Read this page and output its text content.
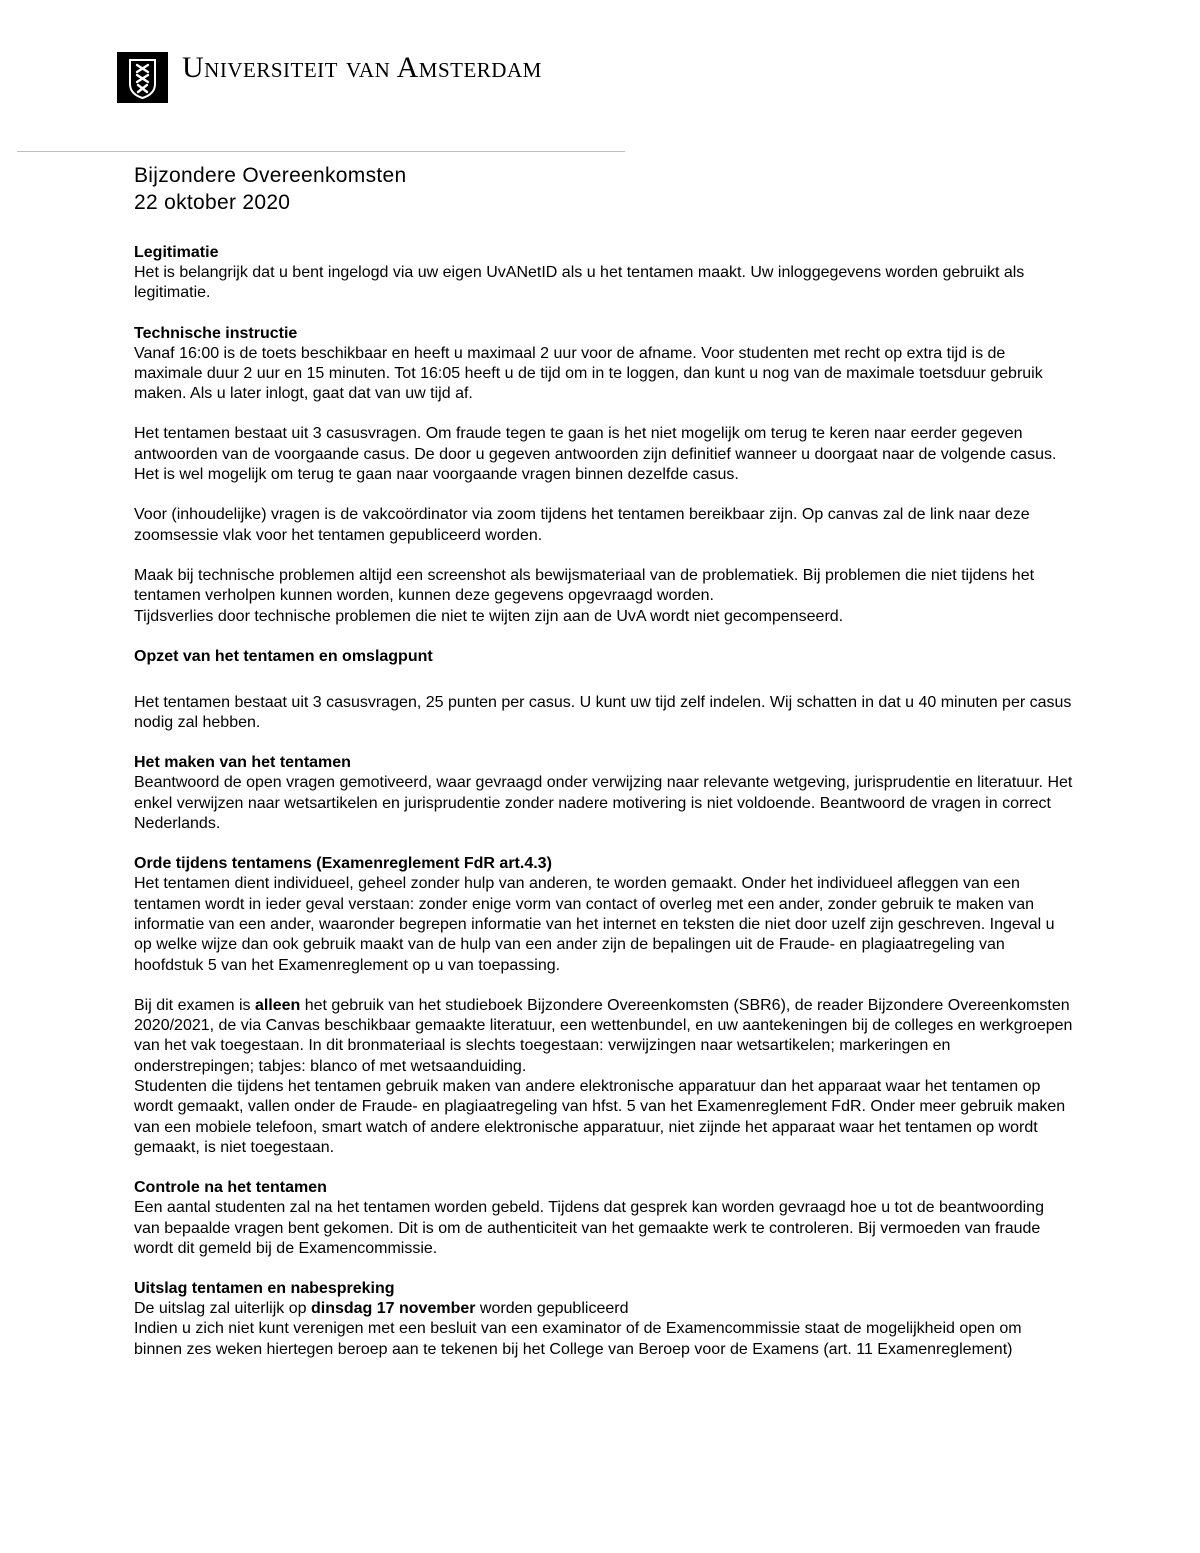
Universiteit van Amsterdam
Bijzondere Overeenkomsten
22 oktober 2020

Legitimatie

Het is belangrijk dat u bent ingelogd via uw eigen UvANetID als u het tentamen maakt. Uw inloggegevens worden gebruikt als legitimatie.

Technische instructie

Vanaf 16:00 is de toets beschikbaar en heeft u maximaal 2 uur voor de afname. Voor studenten met recht op extra tijd is de maximale duur 2 uur en 15 minuten. Tot 16:05 heeft u de tijd om in te loggen, dan kunt u nog van de maximale toetsduur gebruik maken. Als u later inlogt, gaat dat van uw tijd af.

Het tentamen bestaat uit 3 casusvragen. Om fraude tegen te gaan is het niet mogelijk om terug te keren naar eerder gegeven antwoorden van de voorgaande casus. De door u gegeven antwoorden zijn definitief wanneer u doorgaat naar de volgende casus. Het is wel mogelijk om terug te gaan naar voorgaande vragen binnen dezelfde casus.

Voor (inhoudelijke) vragen is de vakcoördinator via zoom tijdens het tentamen bereikbaar zijn. Op canvas zal de link naar deze zoomsessie vlak voor het tentamen gepubliceerd worden.

Maak bij technische problemen altijd een screenshot als bewijsmateriaal van de problematiek. Bij problemen die niet tijdens het tentamen verholpen kunnen worden, kunnen deze gegevens opgevraagd worden.

Tijdsverlies door technische problemen die niet te wijten zijn aan de UvA wordt niet gecompenseerd.

Opzet van het tentamen en omslagpunt

Het tentamen bestaat uit 3 casusvragen, 25 punten per casus. U kunt uw tijd zelf indelen. Wij schatten in dat u 40 minuten per casus nodig zal hebben.

Het maken van het tentamen

Beantwoord de open vragen gemotiveerd, waar gevraagd onder verwijzing naar relevante wetgeving, jurisprudentie en literatuur. Het enkel verwijzen naar wetsartikelen en jurisprudentie zonder nadere motivering is niet voldoende. Beantwoord de vragen in correct Nederlands.

Orde tijdens tentamens (Examenreglement FdR art.4.3)

Het tentamen dient individueel, geheel zonder hulp van anderen, te worden gemaakt. Onder het individueel afleggen van een tentamen wordt in ieder geval verstaan: zonder enige vorm van contact of overleg met een ander, zonder gebruik te maken van informatie van een ander, waaronder begrepen informatie van het internet en teksten die niet door uzelf zijn geschreven. Ingeval u op welke wijze dan ook gebruik maakt van de hulp van een ander zijn de bepalingen uit de Fraude- en plagiaatregeling van hoofdstuk 5 van het Examenreglement op u van toepassing.

Bij dit examen is alleen het gebruik van het studieboek Bijzondere Overeenkomsten (SBR6), de reader Bijzondere Overeenkomsten 2020/2021, de via Canvas beschikbaar gemaakte literatuur, een wettenbundel, en uw aantekeningen bij de colleges en werkgroepen van het vak toegestaan. In dit bronmateriaal is slechts toegestaan: verwijzingen naar wetsartikelen; markeringen en onderstrepingen; tabjes: blanco of met wetsaanduiding.

Studenten die tijdens het tentamen gebruik maken van andere elektronische apparatuur dan het apparaat waar het tentamen op wordt gemaakt, vallen onder de Fraude- en plagiaatregeling van hfst. 5 van het Examenreglement FdR. Onder meer gebruik maken van een mobiele telefoon, smart watch of andere elektronische apparatuur, niet zijnde het apparaat waar het tentamen op wordt gemaakt, is niet toegestaan.

Controle na het tentamen

Een aantal studenten zal na het tentamen worden gebeld. Tijdens dat gesprek kan worden gevraagd hoe u tot de beantwoording van bepaalde vragen bent gekomen. Dit is om de authenticiteit van het gemaakte werk te controleren. Bij vermoeden van fraude wordt dit gemeld bij de Examencommissie.

Uitslag tentamen en nabespreking

De uitslag zal uiterlijk op dinsdag 17 november worden gepubliceerd

Indien u zich niet kunt verenigen met een besluit van een examinator of de Examencommissie staat de mogelijkheid open om binnen zes weken hiertegen beroep aan te tekenen bij het College van Beroep voor de Examens (art. 11 Examenreglement)
